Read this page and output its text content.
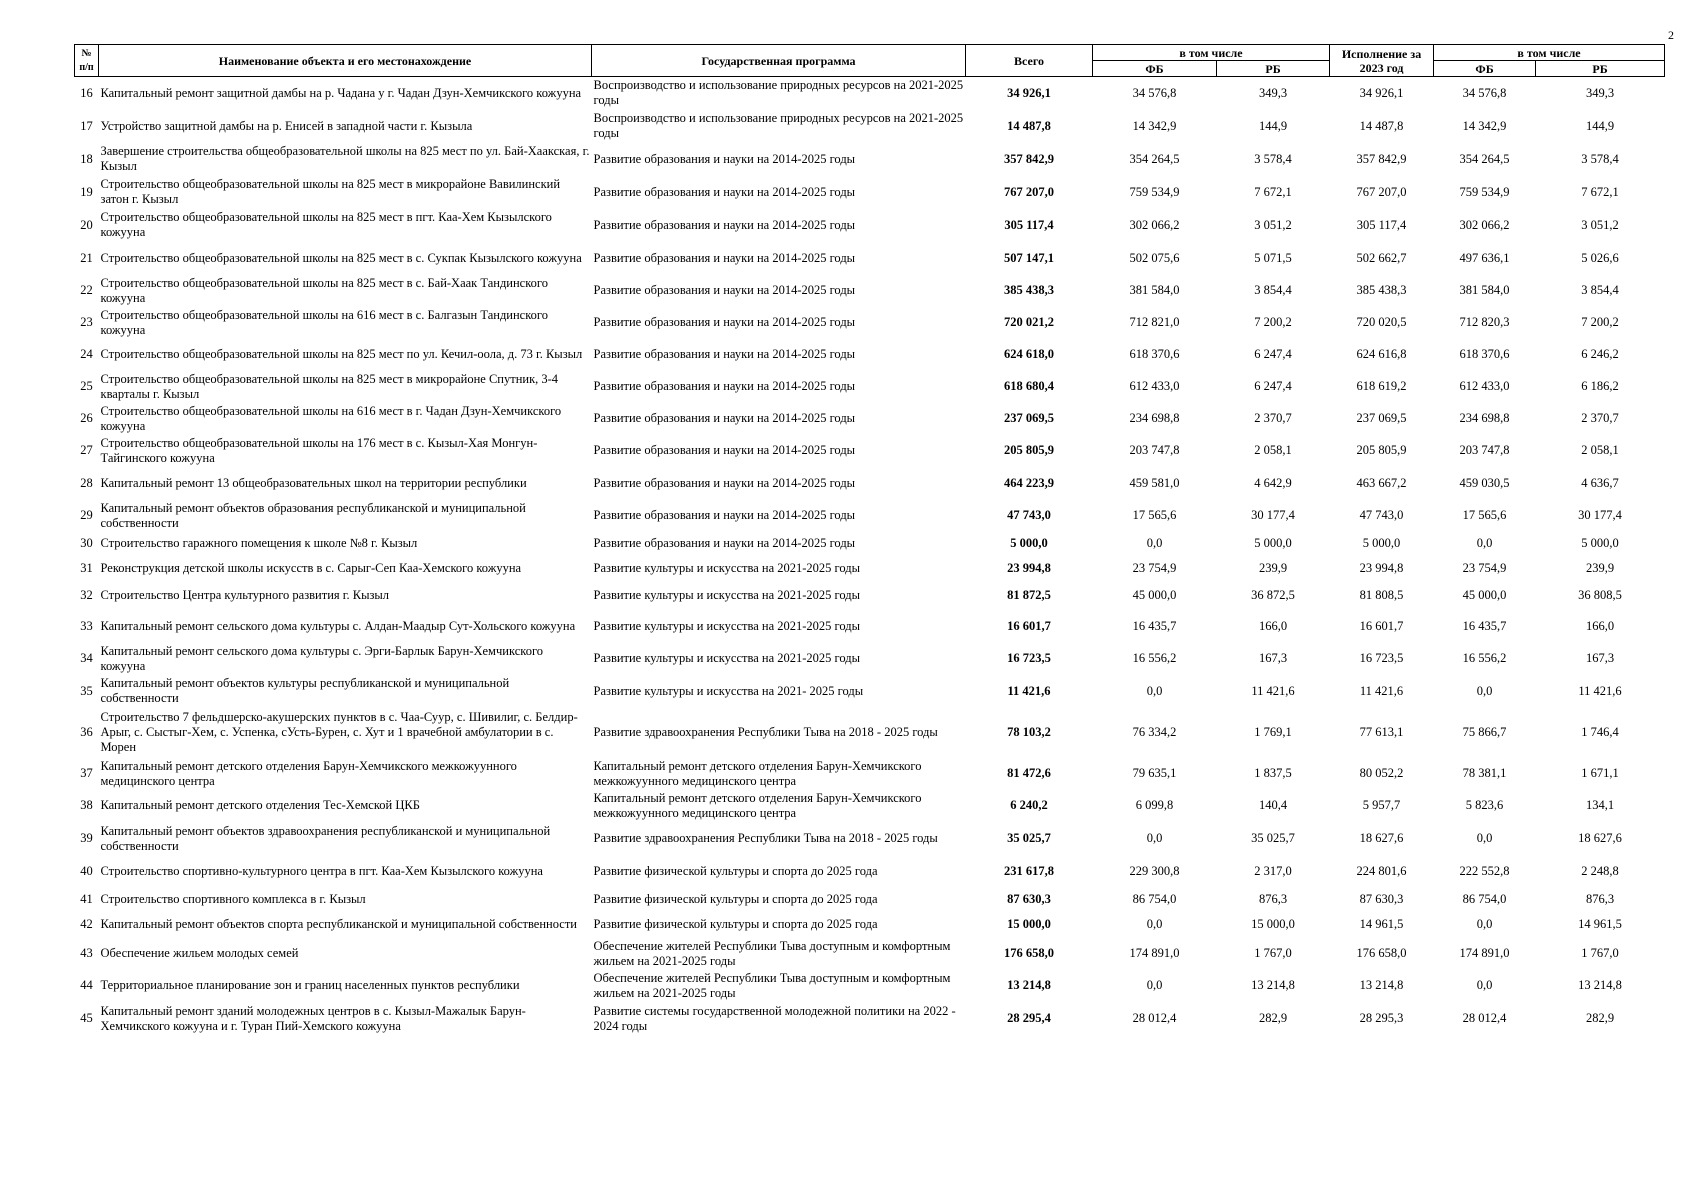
2
№ п/п	Наименование объекта и его местонахождение	Государственная программа	Всего	в том числе		Исполнение за 2023 год	в том числе	
				ФБ	РБ		ФБ	РБ
16	Капитальный ремонт защитной дамбы на р. Чадана у г. Чадан Дзун-Хемчикского кожууна	Воспроизводство и использование природных ресурсов на 2021-2025 годы	34 926,1	34 576,8	349,3	34 926,1	34 576,8	349,3
17	Устройство защитной дамбы на р. Енисей в западной части г. Кызыла	Воспроизводство и использование природных ресурсов на 2021-2025 годы	14 487,8	14 342,9	144,9	14 487,8	14 342,9	144,9
18	Завершение строительства общеобразовательной школы на 825 мест по ул. Бай-Хаакская, г. Кызыл	Развитие образования и науки на 2014-2025 годы	357 842,9	354 264,5	3 578,4	357 842,9	354 264,5	3 578,4
19	Строительство общеобразовательной школы на 825 мест в микрорайоне Вавилинский затон г. Кызыл	Развитие образования и науки на 2014-2025 годы	767 207,0	759 534,9	7 672,1	767 207,0	759 534,9	7 672,1
20	Строительство общеобразовательной школы на 825 мест в пгт. Каа-Хем Кызылского кожууна	Развитие образования и науки на 2014-2025 годы	305 117,4	302 066,2	3 051,2	305 117,4	302 066,2	3 051,2
21	Строительство общеобразовательной школы на 825 мест в с. Сукпак Кызылского кожууна	Развитие образования и науки на 2014-2025 годы	507 147,1	502 075,6	5 071,5	502 662,7	497 636,1	5 026,6
22	Строительство общеобразовательной школы на 825 мест в с. Бай-Хаак Тандинского кожууна	Развитие образования и науки на 2014-2025 годы	385 438,3	381 584,0	3 854,4	385 438,3	381 584,0	3 854,4
23	Строительство общеобразовательной школы на 616 мест в с. Балгазын Тандинского кожууна	Развитие образования и науки на 2014-2025 годы	720 021,2	712 821,0	7 200,2	720 020,5	712 820,3	7 200,2
24	Строительство общеобразовательной школы на 825 мест по ул. Кечил-оола, д. 73 г. Кызыл	Развитие образования и науки на 2014-2025 годы	624 618,0	618 370,6	6 247,4	624 616,8	618 370,6	6 246,2
25	Строительство общеобразовательной школы на 825 мест в микрорайоне Спутник, 3-4 кварталы г. Кызыл	Развитие образования и науки на 2014-2025 годы	618 680,4	612 433,0	6 247,4	618 619,2	612 433,0	6 186,2
26	Строительство общеобразовательной школы на 616 мест в г. Чадан Дзун-Хемчикского кожууна	Развитие образования и науки на 2014-2025 годы	237 069,5	234 698,8	2 370,7	237 069,5	234 698,8	2 370,7
27	Строительство общеобразовательной школы на 176 мест в с. Кызыл-Хая Монгун-Тайгинского кожууна	Развитие образования и науки на 2014-2025 годы	205 805,9	203 747,8	2 058,1	205 805,9	203 747,8	2 058,1
28	Капитальный ремонт 13 общеобразовательных школ на территории республики	Развитие образования и науки на 2014-2025 годы	464 223,9	459 581,0	4 642,9	463 667,2	459 030,5	4 636,7
29	Капитальный ремонт объектов образования республиканской и муниципальной собственности	Развитие образования и науки на 2014-2025 годы	47 743,0	17 565,6	30 177,4	47 743,0	17 565,6	30 177,4
30	Строительство гаражного помещения к школе №8 г. Кызыл	Развитие образования и науки на 2014-2025 годы	5 000,0	0,0	5 000,0	5 000,0	0,0	5 000,0
31	Реконструкция детской школы искусств в с. Сарыг-Сеп Каа-Хемского кожууна	Развитие культуры и искусства на 2021-2025 годы	23 994,8	23 754,9	239,9	23 994,8	23 754,9	239,9
32	Строительство Центра культурного развития г. Кызыл	Развитие культуры и искусства на 2021-2025 годы	81 872,5	45 000,0	36 872,5	81 808,5	45 000,0	36 808,5
33	Капитальный ремонт сельского дома культуры с. Алдан-Маадыр Сут-Хольского кожууна	Развитие культуры и искусства на 2021-2025 годы	16 601,7	16 435,7	166,0	16 601,7	16 435,7	166,0
34	Капитальный ремонт сельского дома культуры с. Эрги-Барлык Барун-Хемчикского кожууна	Развитие культуры и искусства на 2021-2025 годы	16 723,5	16 556,2	167,3	16 723,5	16 556,2	167,3
35	Капитальный ремонт объектов культуры республиканской и муниципальной собственности	Развитие культуры и искусства на 2021- 2025 годы	11 421,6	0,0	11 421,6	11 421,6	0,0	11 421,6
36	Строительство 7 фельдшерско-акушерских пунктов в с. Чаа-Суур, с. Шивилиг, с. Белдир-Арыг, с. Сыстыг-Хем, с. Успенка, сУсть-Бурен, с. Хут и 1 врачебной амбулатории в с. Морен	Развитие здравоохранения Республики Тыва на 2018 - 2025 годы	78 103,2	76 334,2	1 769,1	77 613,1	75 866,7	1 746,4
37	Капитальный ремонт детского отделения Барун-Хемчикского межкожуунного медицинского центра	Капитальный ремонт детского отделения Барун-Хемчикского межкожуунного медицинского центра	81 472,6	79 635,1	1 837,5	80 052,2	78 381,1	1 671,1
38	Капитальный ремонт детского отделения Тес-Хемской ЦКБ	Капитальный ремонт детского отделения Барун-Хемчикского межкожуунного медицинского центра	6 240,2	6 099,8	140,4	5 957,7	5 823,6	134,1
39	Капитальный ремонт объектов здравоохранения республиканской и муниципальной собственности	Развитие здравоохранения Республики Тыва на 2018 - 2025 годы	35 025,7	0,0	35 025,7	18 627,6	0,0	18 627,6
40	Строительство спортивно-культурного центра в пгт. Каа-Хем Кызылского кожууна	Развитие физической культуры и спорта до 2025 года	231 617,8	229 300,8	2 317,0	224 801,6	222 552,8	2 248,8
41	Строительство спортивного комплекса в г. Кызыл	Развитие физической культуры и спорта до 2025 года	87 630,3	86 754,0	876,3	87 630,3	86 754,0	876,3
42	Капитальный ремонт объектов спорта республиканской и муниципальной собственности	Развитие физической культуры и спорта до 2025 года	15 000,0	0,0	15 000,0	14 961,5	0,0	14 961,5
43	Обеспечение жильем молодых семей	Обеспечение жителей Республики Тыва доступным и комфортным жильем на 2021-2025 годы	176 658,0	174 891,0	1 767,0	176 658,0	174 891,0	1 767,0
44	Территориальное планирование зон и границ населенных пунктов республики	Обеспечение жителей Республики Тыва доступным и комфортным жильем на 2021-2025 годы	13 214,8	0,0	13 214,8	13 214,8	0,0	13 214,8
45	Капитальный ремонт зданий молодежных центров в с. Кызыл-Мажалык Барун-Хемчикского кожууна и г. Туран Пий-Хемского кожууна	Развитие системы государственной молодежной политики на 2022 - 2024 годы	28 295,4	28 012,4	282,9	28 295,3	28 012,4	282,9
